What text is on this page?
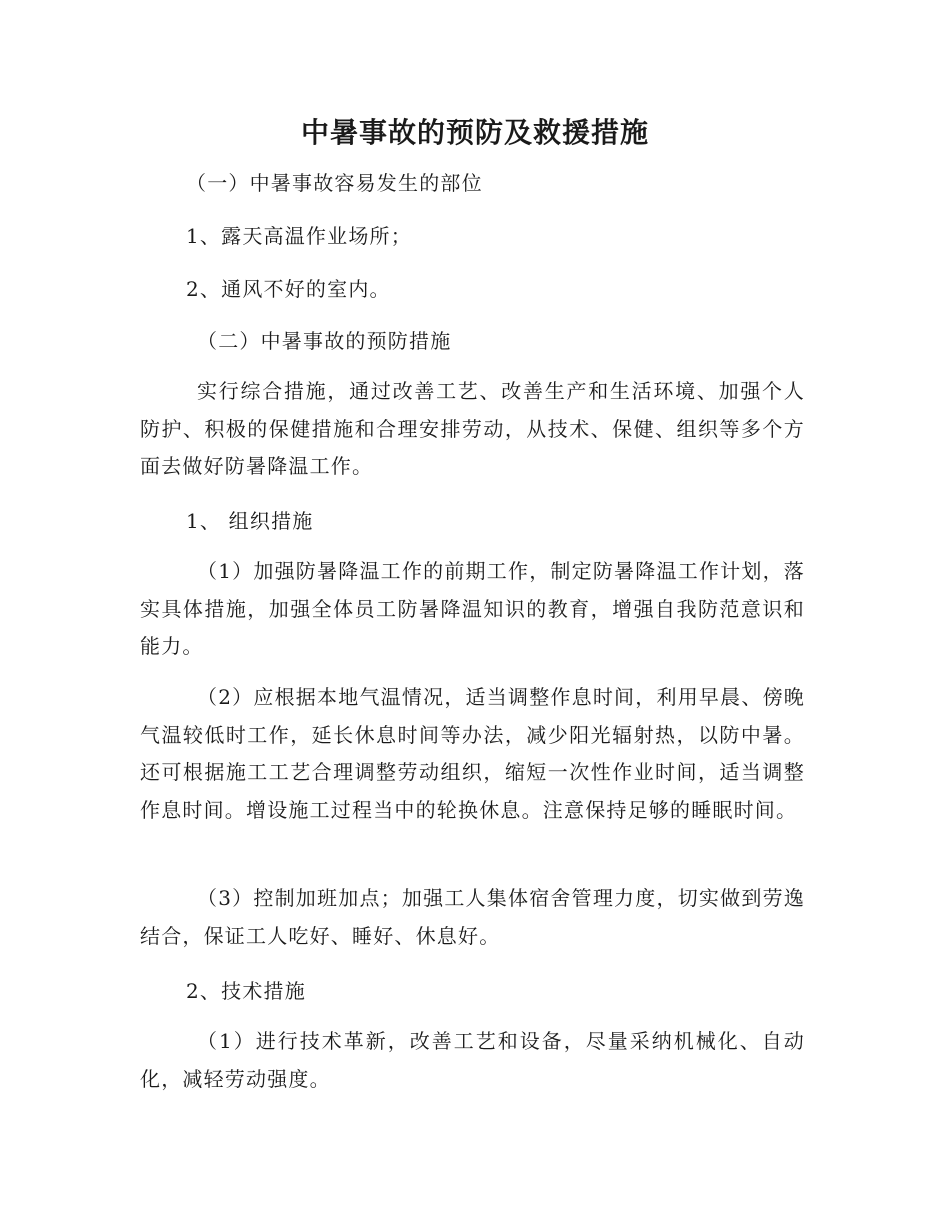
中暑事故的预防及救援措施
（一）中暑事故容易发生的部位
1、露天高温作业场所；
2、通风不好的室内。
（二）中暑事故的预防措施
实行综合措施，通过改善工艺、改善生产和生活环境、加强个人防护、积极的保健措施和合理安排劳动，从技术、保健、组织等多个方面去做好防暑降温工作。
1、 组织措施
（1）加强防暑降温工作的前期工作，制定防暑降温工作计划，落实具体措施，加强全体员工防暑降温知识的教育，增强自我防范意识和能力。
（2）应根据本地气温情况，适当调整作息时间，利用早晨、傍晚气温较低时工作，延长休息时间等办法，减少阳光辐射热，以防中暑。还可根据施工工艺合理调整劳动组织，缩短一次性作业时间，适当调整作息时间。增设施工过程当中的轮换休息。注意保持足够的睡眠时间。
（3）控制加班加点；加强工人集体宿舍管理力度，切实做到劳逸结合，保证工人吃好、睡好、休息好。
2、技术措施
（1）进行技术革新，改善工艺和设备，尽量采纳机械化、自动化，减轻劳动强度。
